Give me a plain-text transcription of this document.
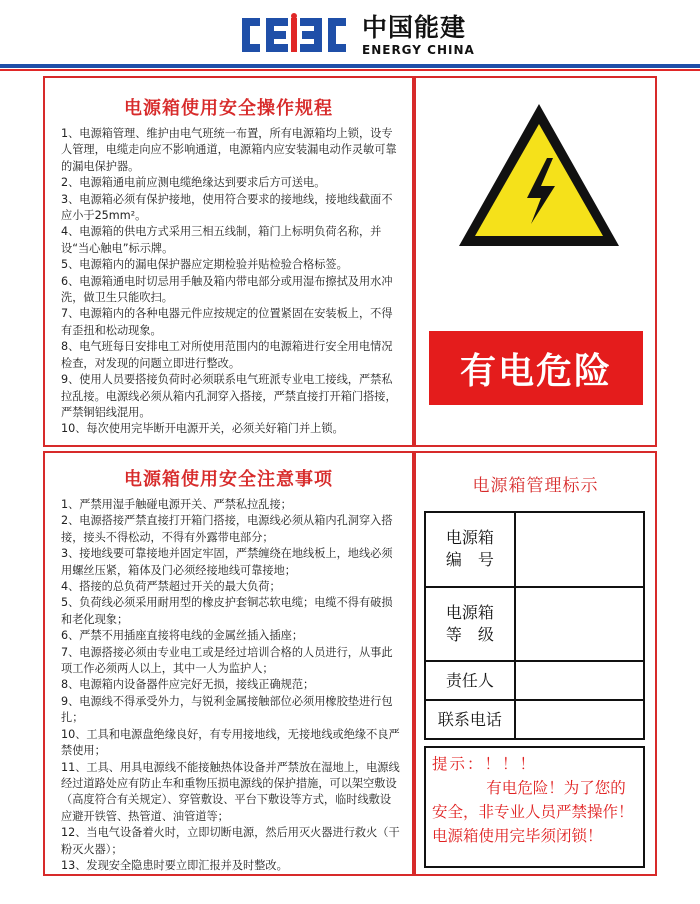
中国能建
ENERGY CHINA
电源箱使用安全操作规程

1、电源箱管理、维护由电气班统一布置，所有电源箱均上锁，设专人管理，电缆走向应不影响通道，电源箱内应安装漏电动作灵敏可靠的漏电保护器。

2、电源箱通电前应测电缆绝缘达到要求后方可送电。

3、电源箱必须有保护接地，使用符合要求的接地线，接地线截面不应小于25mm²。

4、电源箱的供电方式采用三相五线制，箱门上标明负荷名称，并设“当心触电”标示牌。

5、电源箱内的漏电保护器应定期检验并贴检验合格标签。

6、电源箱通电时切忌用手触及箱内带电部分或用湿布擦拭及用水冲洗，做卫生只能吹扫。

7、电源箱内的各种电器元件应按规定的位置紧固在安装板上，不得有歪扭和松动现象。

8、电气班每日安排电工对所使用范围内的电源箱进行安全用电情况检查，对发现的问题立即进行整改。

9、使用人员要搭接负荷时必须联系电气班派专业电工接线，严禁私拉乱接。电源线必须从箱内孔洞穿入搭接，严禁直接打开箱门搭接，严禁铜铝线混用。

10、每次使用完毕断开电源开关，必须关好箱门并上锁。

有电危险
电源箱使用安全注意事项

1、严禁用湿手触碰电源开关、严禁私拉乱接；

2、电源搭接严禁直接打开箱门搭接，电源线必须从箱内孔洞穿入搭接，接头不得松动，不得有外露带电部分；

3、接地线要可靠接地并固定牢固，严禁缠绕在地线板上，地线必须用螺丝压紧，箱体及门必须经接地线可靠接地；

4、搭接的总负荷严禁超过开关的最大负荷；

5、负荷线必须采用耐用型的橡皮护套铜芯软电缆；电缆不得有破损和老化现象；

6、严禁不用插座直接将电线的金属丝插入插座；

7、电源搭接必须由专业电工或是经过培训合格的人员进行，从事此项工作必须两人以上，其中一人为监护人；

8、电源箱内设备器件应完好无损，接线正确规范；

9、电源线不得承受外力，与锐利金属接触部位必须用橡胶垫进行包扎；

10、工具和电源盘绝缘良好，有专用接地线，无接地线或绝缘不良严禁使用；

11、工具、用具电源线不能接触热体设备并严禁放在湿地上，电源线经过道路处应有防止车和重物压损电源线的保护措施，可以架空敷设（高度符合有关规定）、穿管敷设、平台下敷设等方式，临时线敷设应避开铁管、热管道、油管道等；

12、当电气设备着火时，立即切断电源，然后用灭火器进行救火（干粉灭火器）；

13、发现安全隐患时要立即汇报并及时整改。

电源箱管理标示
电源箱
编　号	

电源箱
等　级	

责任人	

联系电话	

提示：！！！
有电危险！为了您的安全，非专业人员严禁操作！电源箱使用完毕须闭锁！
